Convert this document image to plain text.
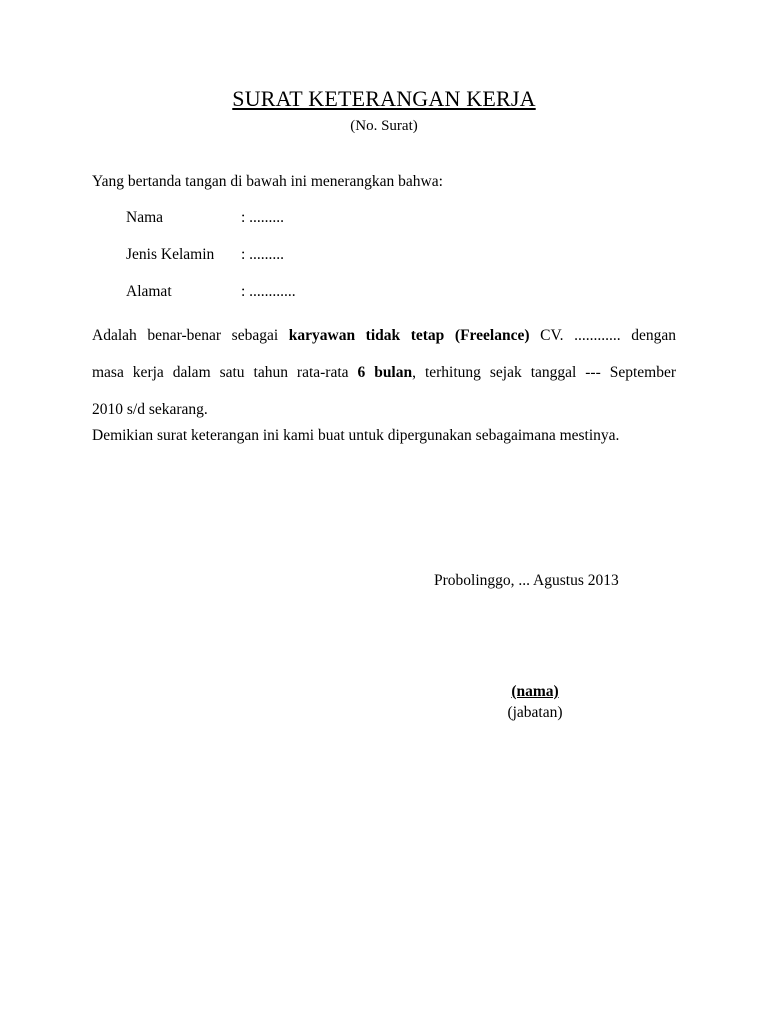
SURAT KETERANGAN KERJA
(No. Surat)
Yang bertanda tangan di bawah ini menerangkan bahwa:
Nama	: .........
Jenis Kelamin : .........
Alamat	: ............
Adalah benar-benar sebagai karyawan tidak tetap (Freelance) CV. ............ dengan
masa kerja dalam satu tahun rata-rata 6 bulan, terhitung sejak tanggal --- September
2010 s/d sekarang.
Demikian surat keterangan ini kami buat untuk dipergunakan sebagaimana mestinya.
Probolinggo, ... Agustus 2013
(nama)
(jabatan)
